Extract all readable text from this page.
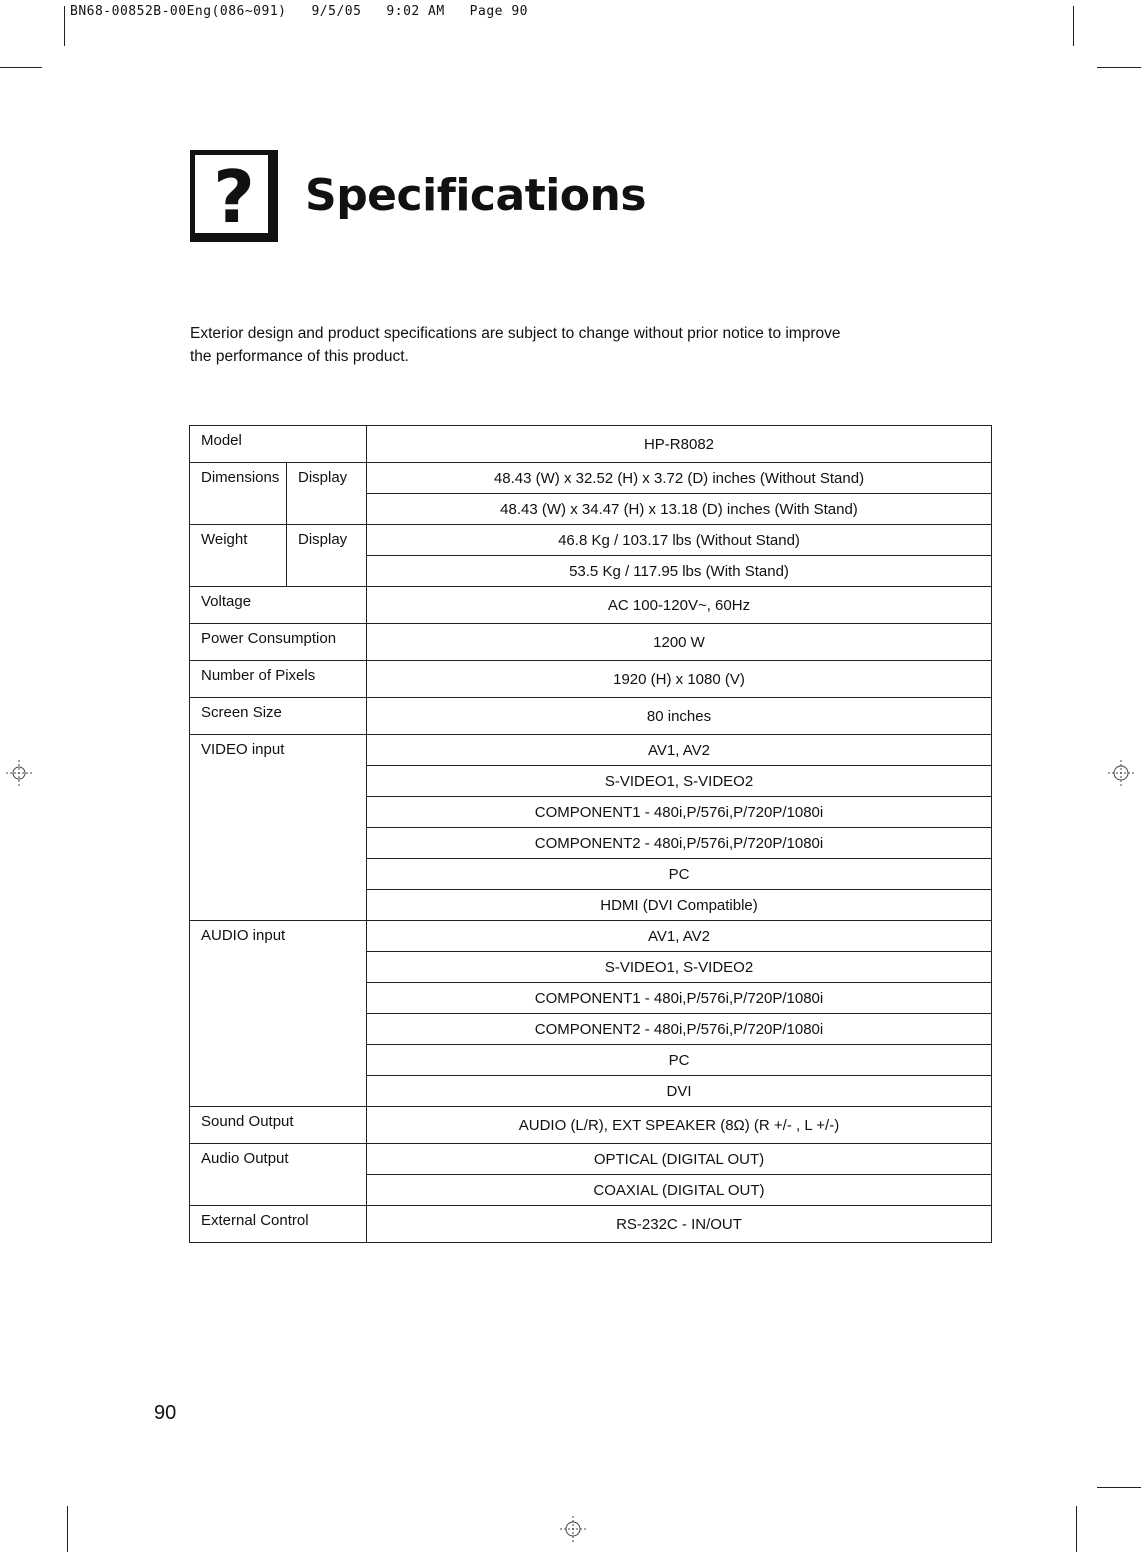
BN68-00852B-00Eng(086~091)   9/5/05   9:02 AM   Page 90
?	Specifications
Exterior design and product specifications are subject to change without prior notice to improve
the performance of this product.
Model		HP-R8082
Dimensions	Display	48.43 (W) x 32.52 (H) x 3.72 (D) inches (Without Stand)
		48.43 (W) x 34.47 (H) x 13.18 (D) inches (With Stand)
Weight	Display	46.8 Kg / 103.17 lbs (Without Stand)
		53.5 Kg / 117.95 lbs (With Stand)
Voltage		AC 100-120V~, 60Hz
Power Consumption		1200 W
Number of Pixels		1920 (H) x 1080 (V)
Screen Size		80 inches
VIDEO input		AV1, AV2
		S-VIDEO1, S-VIDEO2
		COMPONENT1 - 480i,P/576i,P/720P/1080i
		COMPONENT2 - 480i,P/576i,P/720P/1080i
		PC
		HDMI (DVI Compatible)
AUDIO input		AV1, AV2
		S-VIDEO1, S-VIDEO2
		COMPONENT1 - 480i,P/576i,P/720P/1080i
		COMPONENT2 - 480i,P/576i,P/720P/1080i
		PC
		DVI
Sound Output		AUDIO (L/R), EXT SPEAKER (8Ω) (R +/- , L +/-)
Audio Output		OPTICAL (DIGITAL OUT)
		COAXIAL (DIGITAL OUT)
External Control		RS-232C - IN/OUT
90
